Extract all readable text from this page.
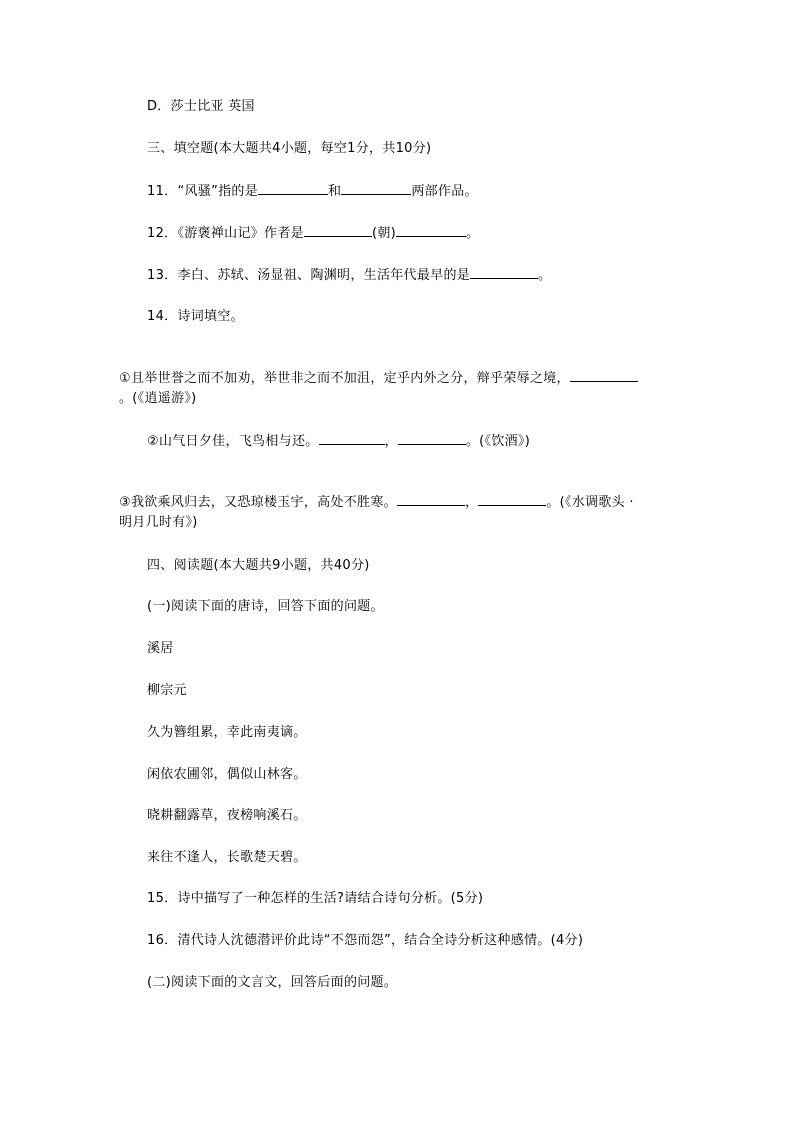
D．莎士比亚 英国
三、填空题(本大题共4小题，每空1分，共10分)
11．“风骚”指的是	和	两部作品。
12．《游褒禅山记》作者是	(朝)	。
13．李白、苏轼、汤显祖、陶渊明，生活年代最早的是	。
14．诗词填空。
①且举世誉之而不加劝，举世非之而不加沮，定乎内外之分，辩乎荣辱之境，
。(《逍遥游》)
②山气日夕佳，飞鸟相与还。	，	。(《饮酒》)
③我欲乘风归去，又恐琼楼玉宇，高处不胜寒。	，	。(《水调歌头 ·
明月几时有》)
四、阅读题(本大题共9小题，共40分)
(一)阅读下面的唐诗，回答下面的问题。
溪居
柳宗元
久为簪组累，幸此南夷谪。
闲依农圃邻，偶似山林客。
晓耕翻露草，夜榜响溪石。
来往不逢人，长歌楚天碧。
15．诗中描写了一种怎样的生活?请结合诗句分析。(5分)
16．清代诗人沈德潜评价此诗“不怨而怨”，结合全诗分析这种感情。(4分)
(二)阅读下面的文言文，回答后面的问题。
